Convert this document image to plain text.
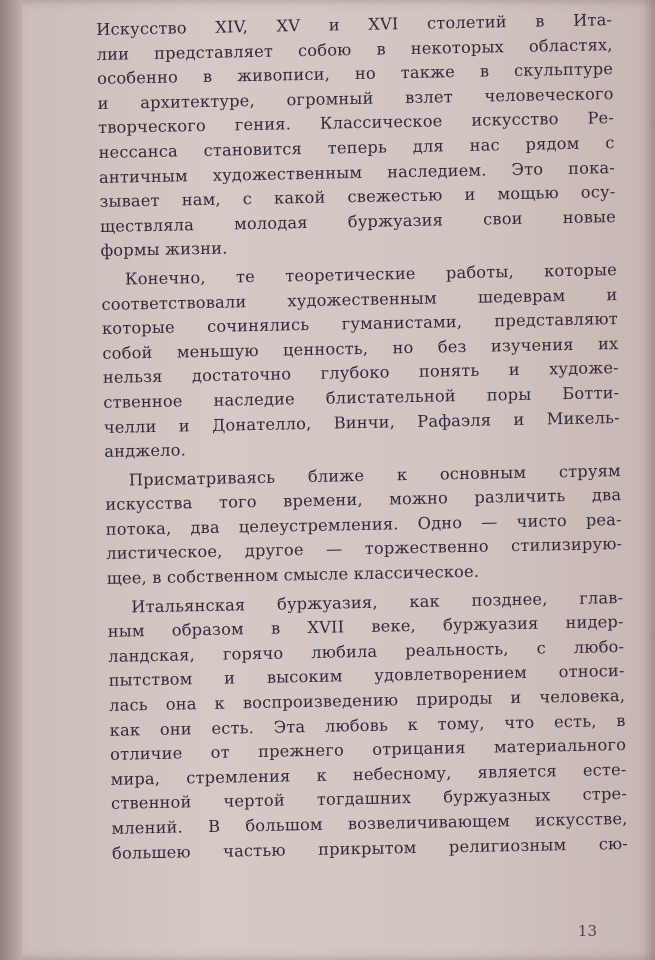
Искусство XIV, XV и XVI столетий в Ита-
лии представляет собою в некоторых областях,
особенно в живописи, но также в скульптуре
и архитектуре, огромный взлет человеческого
творческого гения. Классическое искусство Ре-
нессанса становится теперь для нас рядом с
античным художественным наследием. Это пока-
зывает нам, с какой свежестью и мощью осу-
ществляла молодая буржуазия свои новые
формы жизни.
Конечно, те теоретические работы, которые
соответствовали художественным шедеврам и
которые сочинялись гуманистами, представляют
собой меньшую ценность, но без изучения их
нельзя достаточно глубоко понять и художе-
ственное наследие блистательной поры Ботти-
челли и Донателло, Винчи, Рафаэля и Микель-
анджело.
Присматриваясь ближе к основным струям
искусства того времени, можно различить два
потока, два целеустремления. Одно — чисто реа-
листическое, другое — торжественно стилизирую-
щее, в собственном смысле классическое.
Итальянская буржуазия, как позднее, глав-
ным образом в XVII веке, буржуазия нидер-
ландская, горячо любила реальность, с любо-
пытством и высоким удовлетворением относи-
лась она к воспроизведению природы и человека,
как они есть. Эта любовь к тому, что есть, в
отличие от прежнего отрицания материального
мира, стремления к небесному, является есте-
ственной чертой тогдашних буржуазных стре-
млений. В большом возвеличивающем искусстве,
большею частью прикрытом религиозным сю-
13
